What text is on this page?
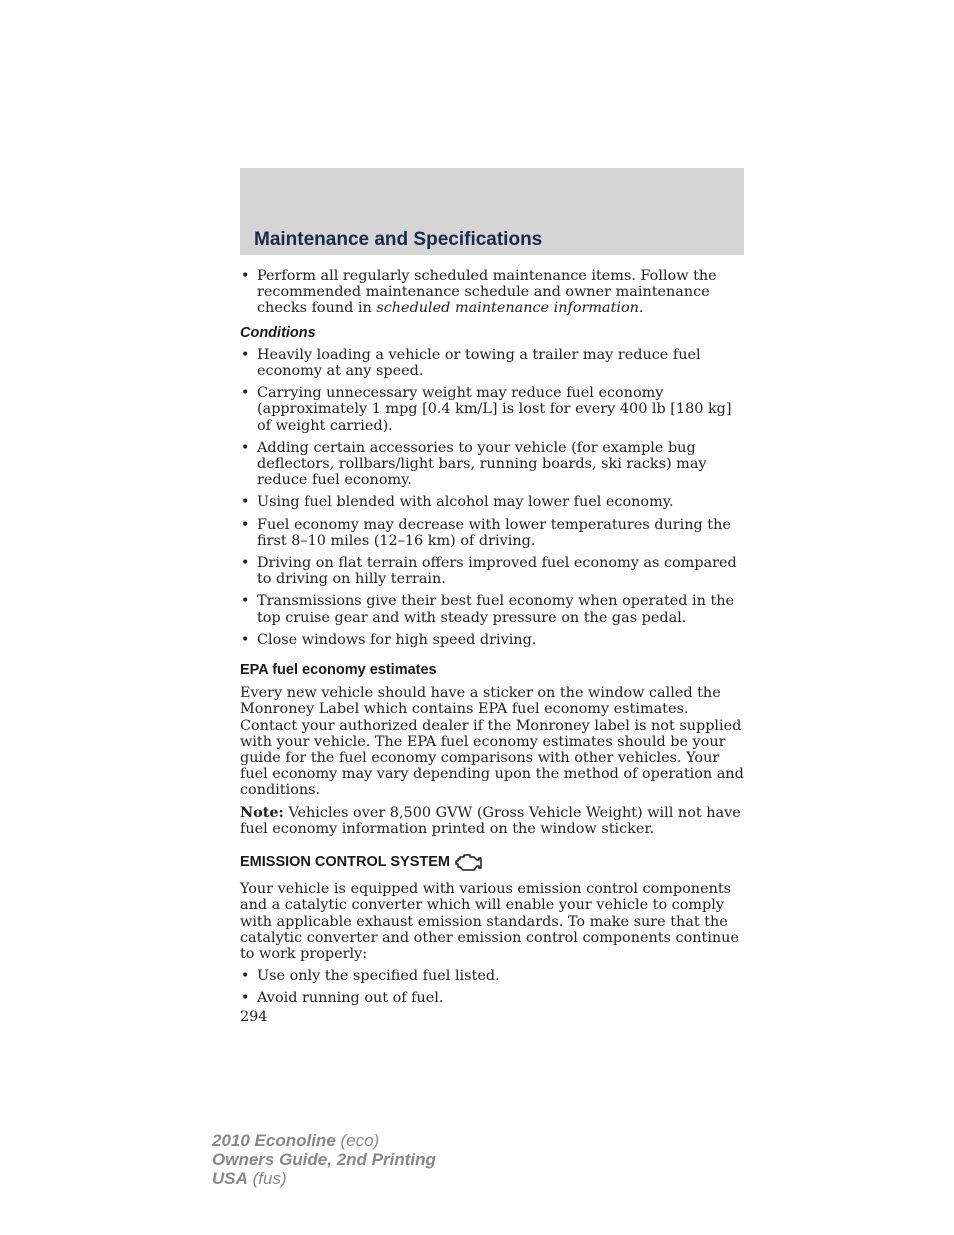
Maintenance and Specifications
• Perform all regularly scheduled maintenance items. Follow the recommended maintenance schedule and owner maintenance checks found in scheduled maintenance information.
Conditions
• Heavily loading a vehicle or towing a trailer may reduce fuel economy at any speed.
• Carrying unnecessary weight may reduce fuel economy (approximately 1 mpg [0.4 km/L] is lost for every 400 lb [180 kg] of weight carried).
• Adding certain accessories to your vehicle (for example bug deflectors, rollbars/light bars, running boards, ski racks) may reduce fuel economy.
• Using fuel blended with alcohol may lower fuel economy.
• Fuel economy may decrease with lower temperatures during the first 8–10 miles (12–16 km) of driving.
• Driving on flat terrain offers improved fuel economy as compared to driving on hilly terrain.
• Transmissions give their best fuel economy when operated in the top cruise gear and with steady pressure on the gas pedal.
• Close windows for high speed driving.
EPA fuel economy estimates
Every new vehicle should have a sticker on the window called the Monroney Label which contains EPA fuel economy estimates. Contact your authorized dealer if the Monroney label is not supplied with your vehicle. The EPA fuel economy estimates should be your guide for the fuel economy comparisons with other vehicles. Your fuel economy may vary depending upon the method of operation and conditions.
Note: Vehicles over 8,500 GVW (Gross Vehicle Weight) will not have fuel economy information printed on the window sticker.
EMISSION CONTROL SYSTEM
Your vehicle is equipped with various emission control components and a catalytic converter which will enable your vehicle to comply with applicable exhaust emission standards. To make sure that the catalytic converter and other emission control components continue to work properly:
• Use only the specified fuel listed.
• Avoid running out of fuel.
294
2010 Econoline (eco)
Owners Guide, 2nd Printing
USA (fus)
